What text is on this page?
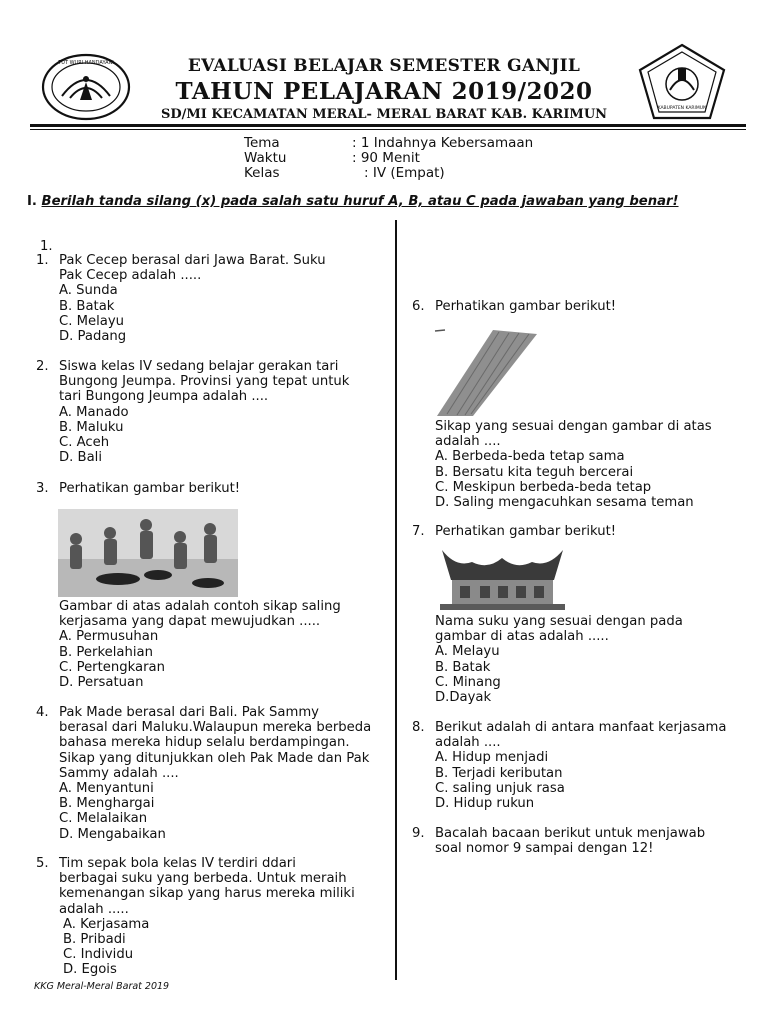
TUT WURI HANDAYANI
KABUPATEN KARIMUN
EVALUASI BELAJAR SEMESTER GANJIL
TAHUN PELAJARAN 2019/2020
SD/MI KECAMATAN MERAL- MERAL BARAT KAB. KARIMUN
Tema	: 1 Indahnya Kebersamaan
Waktu	: 90 Menit
Kelas	: IV (Empat)
I. Berilah tanda silang (x) pada salah satu huruf A, B, atau C pada jawaban yang benar!
1.
1. Pak Cecep berasal dari Jawa Barat. Suku
Pak Cecep adalah .....
A. Sunda
B. Batak
C. Melayu
D. Padang
2. Siswa kelas IV sedang belajar gerakan tari
Bungong Jeumpa. Provinsi yang tepat untuk
tari Bungong Jeumpa adalah ....
A. Manado
B. Maluku
C. Aceh
D. Bali
3. Perhatikan gambar berikut!
Gambar di atas adalah contoh sikap saling
kerjasama yang dapat mewujudkan .....
A. Permusuhan
B. Perkelahian
C. Pertengkaran
D. Persatuan
4. Pak Made berasal dari Bali. Pak Sammy
berasal dari Maluku.Walaupun mereka berbeda
bahasa mereka hidup selalu berdampingan.
Sikap yang ditunjukkan oleh Pak Made dan Pak
Sammy adalah ....
A. Menyantuni
B. Menghargai
C. Melalaikan
D. Mengabaikan
5. Tim sepak bola kelas IV terdiri ddari
berbagai suku yang berbeda. Untuk meraih
kemenangan sikap yang harus mereka miliki
adalah .....
A. Kerjasama
B. Pribadi
C. Individu
D. Egois
6. Perhatikan gambar berikut!
Sikap yang sesuai dengan gambar di atas
adalah ....
A. Berbeda-beda tetap sama
B. Bersatu kita teguh bercerai
C. Meskipun berbeda-beda tetap
D. Saling mengacuhkan sesama teman
7. Perhatikan gambar berikut!
Nama suku yang sesuai dengan pada
gambar di atas adalah .....
A. Melayu
B. Batak
C. Minang
D.Dayak
8. Berikut adalah di antara manfaat kerjasama
adalah ....
A. Hidup menjadi
B. Terjadi keributan
C. saling unjuk rasa
D. Hidup rukun
9. Bacalah bacaan berikut untuk menjawab
soal nomor 9 sampai dengan 12!
KKG Meral-Meral Barat 2019
